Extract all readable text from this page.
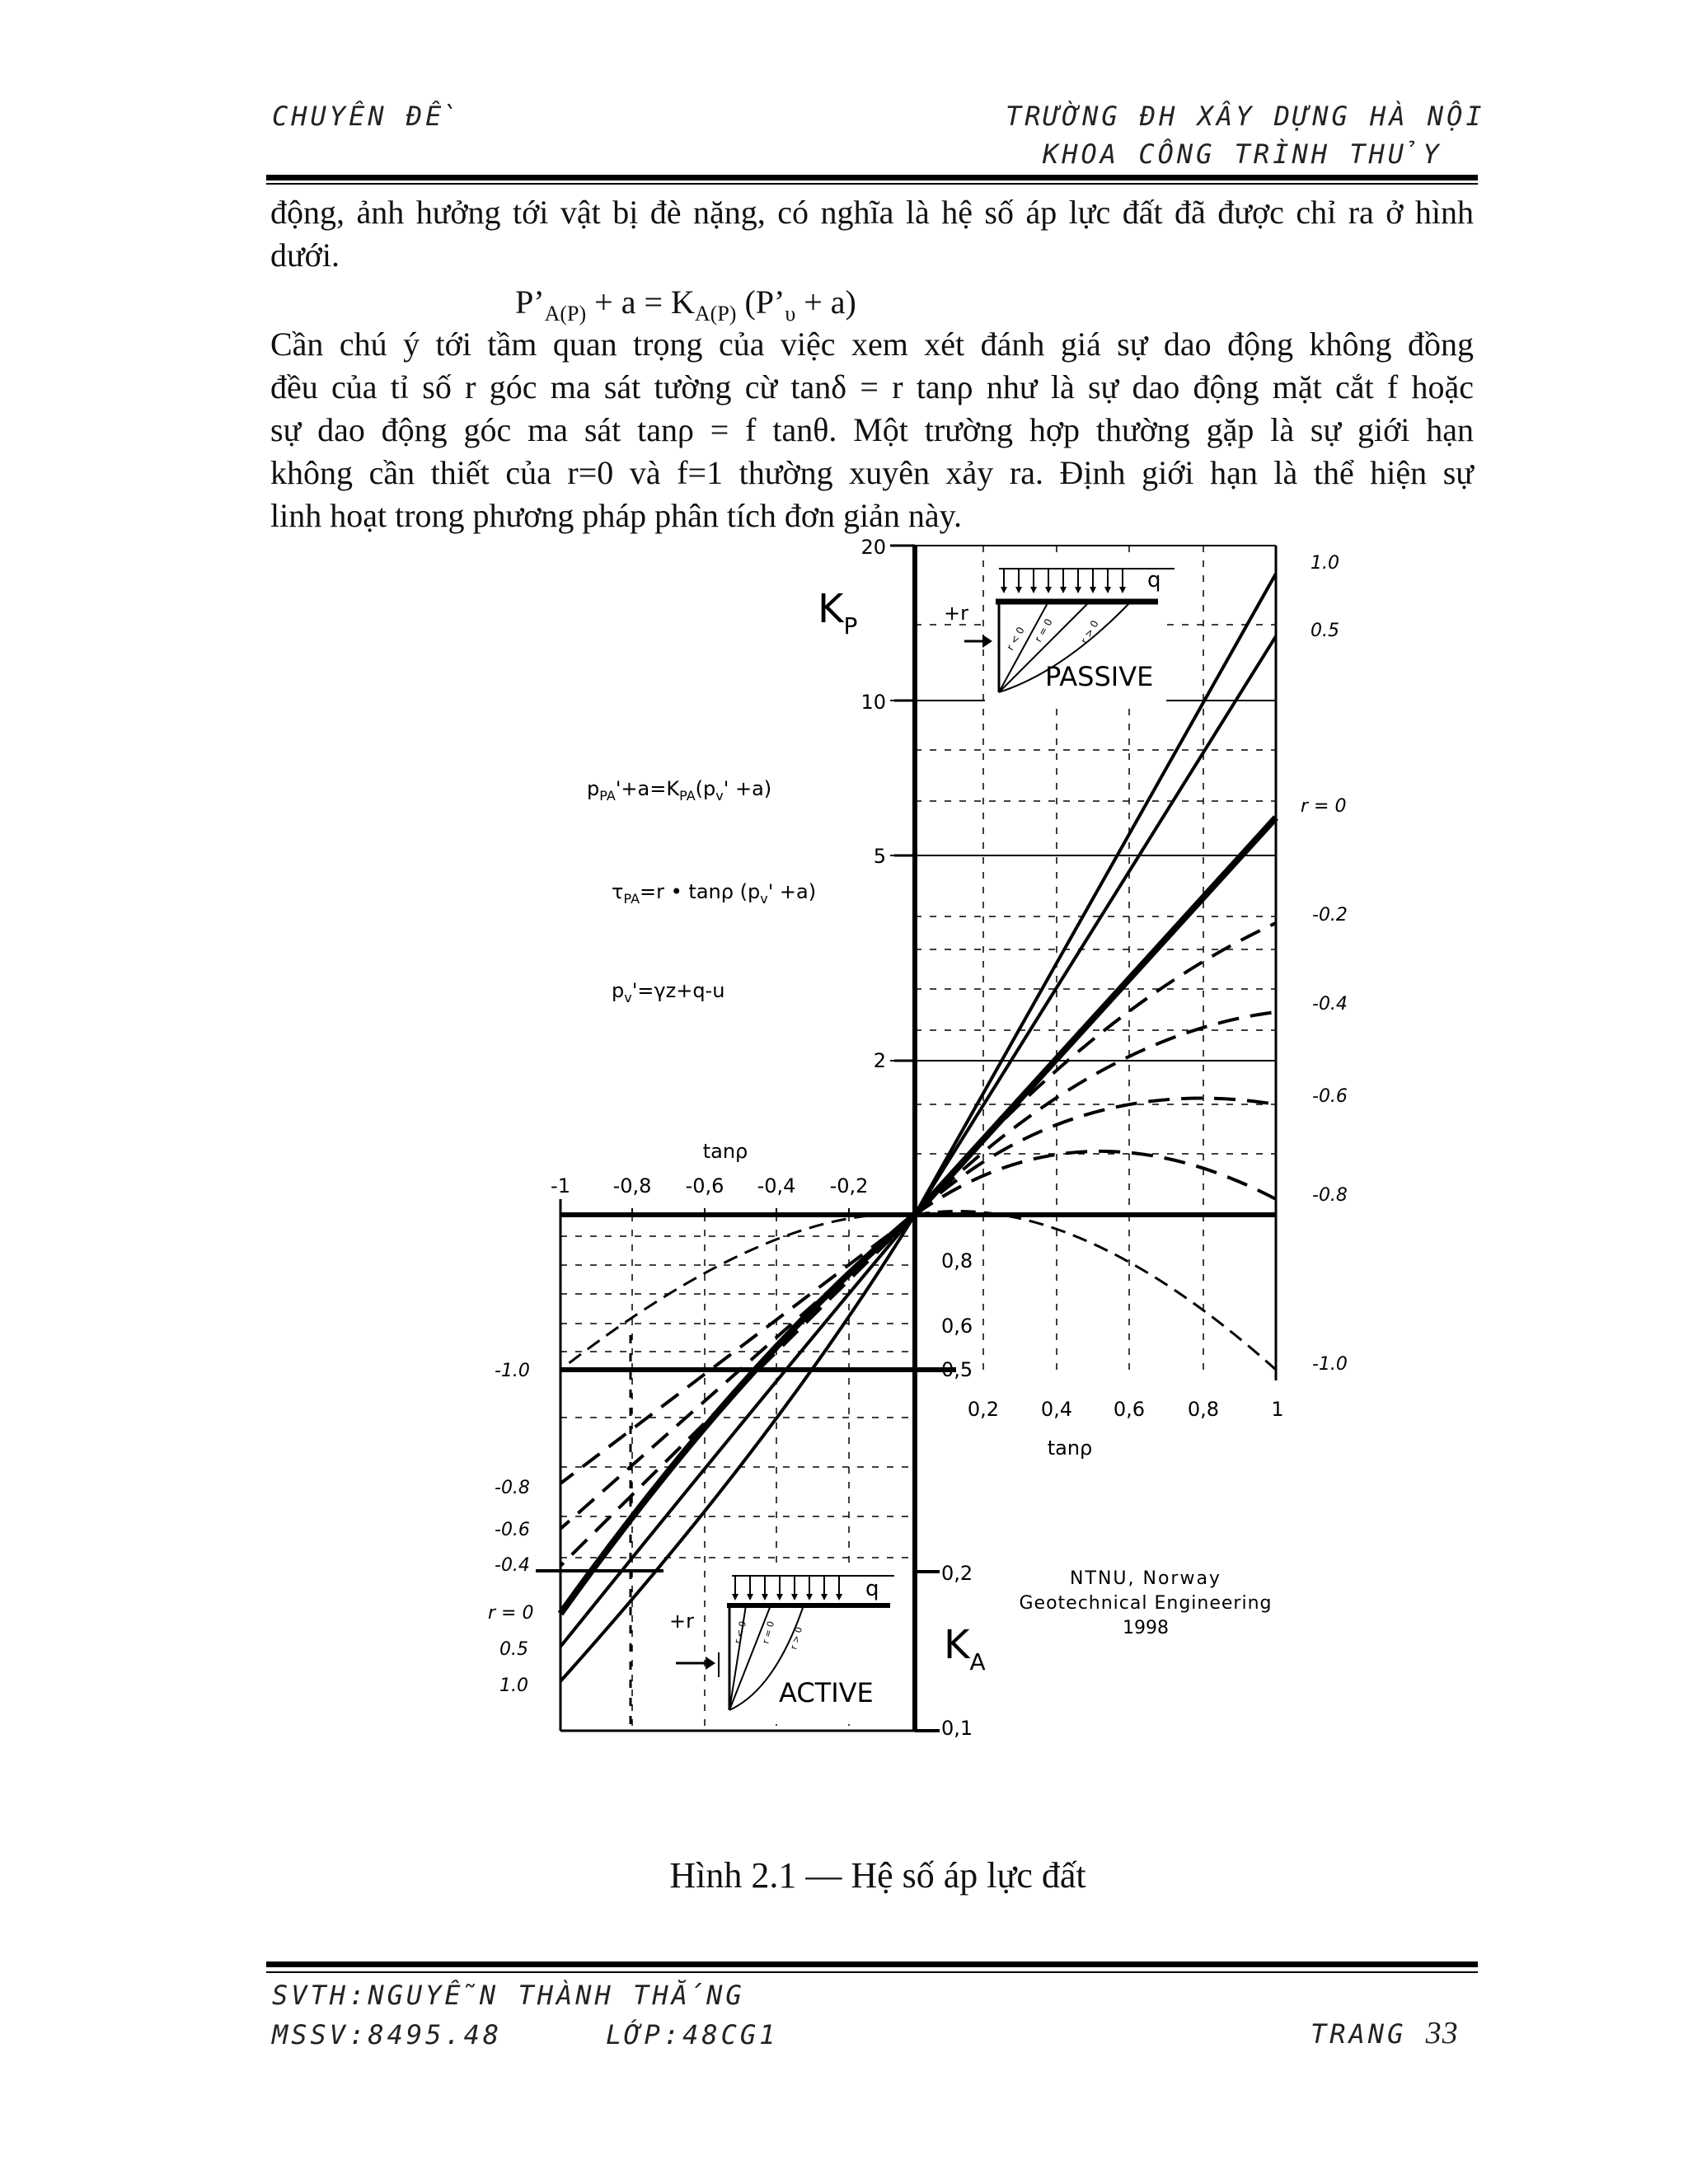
CHUYÊN ĐỀ	TRƯỜNG ĐH XÂY DỰNG HÀ NỘI
KHOA CÔNG TRÌNH THỦY
động, ảnh hưởng tới vật bị đè nặng, có nghĩa là hệ số áp lực đất đã được chỉ ra ở hình
dưới.
$P’_{A(P)} + a = K_{A(P)}$ $(P’_\upsilon + a)$
Cần chú ý tới tầm quan trọng của việc xem xét đánh giá sự dao động không đồng
đều của tỉ số r góc ma sát tường cừ tanδ = r tanρ như là sự dao động mặt cắt f hoặc
sự dao động góc ma sát tanρ = f tanθ. Một trường hợp thường gặp là sự giới hạn
không cần thiết của r=0 và f=1 thường xuyên xảy ra. Định giới hạn là thể hiện sự
linh hoạt trong phương pháp phân tích đơn giản này.
q
+r
PASSIVE
r < 0 r = 0 r > 0
q
+r
ACTIVE
r < 0 r = 0 r > 0
$K_P$
$K_A$
20
10
5
2
0,8
0,6
0,5
0,2
0,1
tanρ
-1 -0,8 -0,6 -0,4 -0,2
0,2 0,4 0,6 0,8	1
tanρ
1.0
0.5
r = 0
-0.2
-0.4
-0.6
-0.8
-1.0
-1.0
-0.8
-0.6
-0.4
r = 0
0.5
1.0
$p_{PA}'+a=K_{PA}(p_v' +a)$
$\tau_{PA}=r$ • tanρ $(p_v' +a)$
$p_v'=\gamma z+q-u$
NTNU, Norway
Geotechnical Engineering
1998
Hình 2.1 — Hệ số áp lực đất
SVTH:NGUYỄN THÀNH THẮNG
MSSV:8495.48	LỚP:48CG1	TRANG 33
